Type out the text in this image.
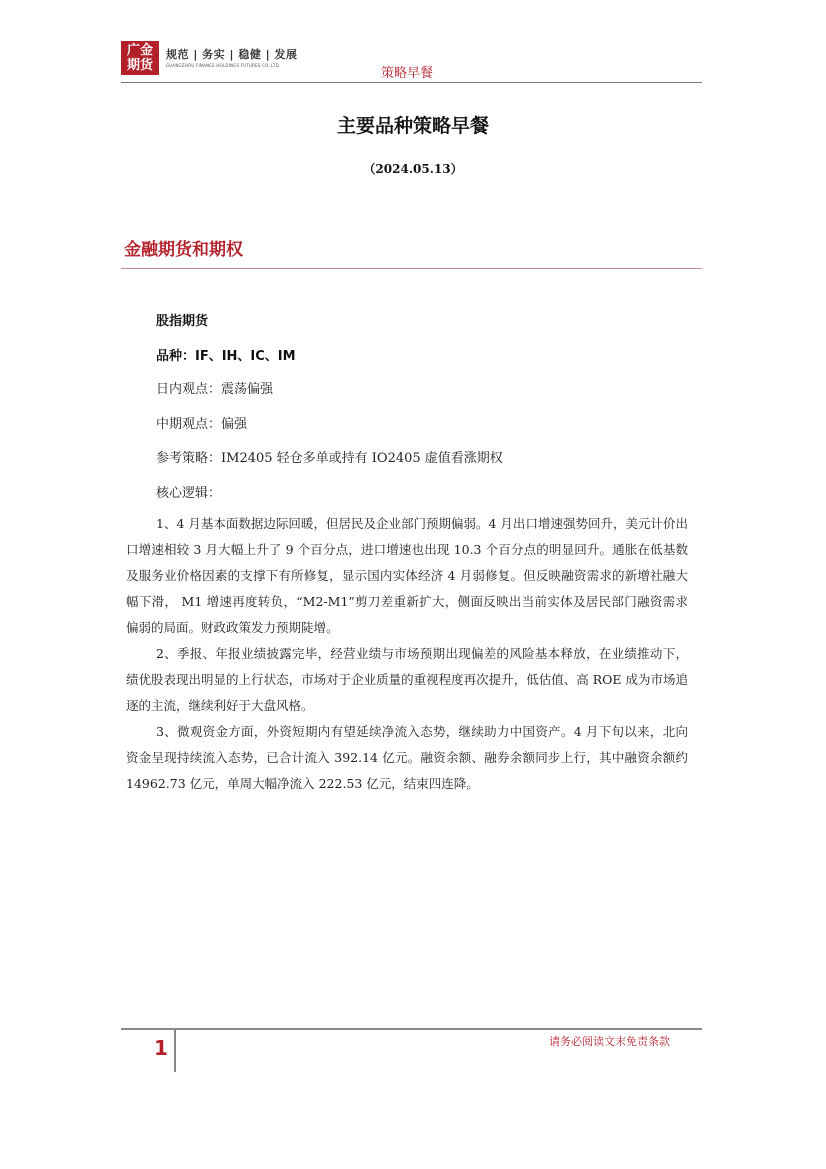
广金
期货
规范 | 务实 | 稳健 | 发展
GUANGZHOU FINANCE HOLDINGS FUTURES CO.,LTD.
策略早餐
主要品种策略早餐
（2024.05.13）
金融期货和期权
股指期货
品种：IF、IH、IC、IM
日内观点：震荡偏强
中期观点：偏强
参考策略：IM2405 轻仓多单或持有 IO2405 虚值看涨期权
核心逻辑：

1、4 月基本面数据边际回暖，但居民及企业部门预期偏弱。4 月出口增速强势回升，美元计价出口增速相较 3 月大幅上升了 9 个百分点，进口增速也出现 10.3 个百分点的明显回升。通胀在低基数及服务业价格因素的支撑下有所修复，显示国内实体经济 4 月弱修复。但反映融资需求的新增社融大幅下滑， M1 增速再度转负，“M2-M1”剪刀差重新扩大，侧面反映出当前实体及居民部门融资需求偏弱的局面。财政政策发力预期陡增。

2、季报、年报业绩披露完毕，经营业绩与市场预期出现偏差的风险基本释放，在业绩推动下，绩优股表现出明显的上行状态，市场对于企业质量的重视程度再次提升，低估值、高 ROE 成为市场追逐的主流，继续利好于大盘风格。

3、微观资金方面，外资短期内有望延续净流入态势，继续助力中国资产。4 月下旬以来，北向资金呈现持续流入态势，已合计流入 392.14 亿元。融资余额、融券余额同步上行，其中融资余额约 14962.73 亿元，单周大幅净流入 222.53 亿元，结束四连降。

1	请务必阅读文末免责条款
